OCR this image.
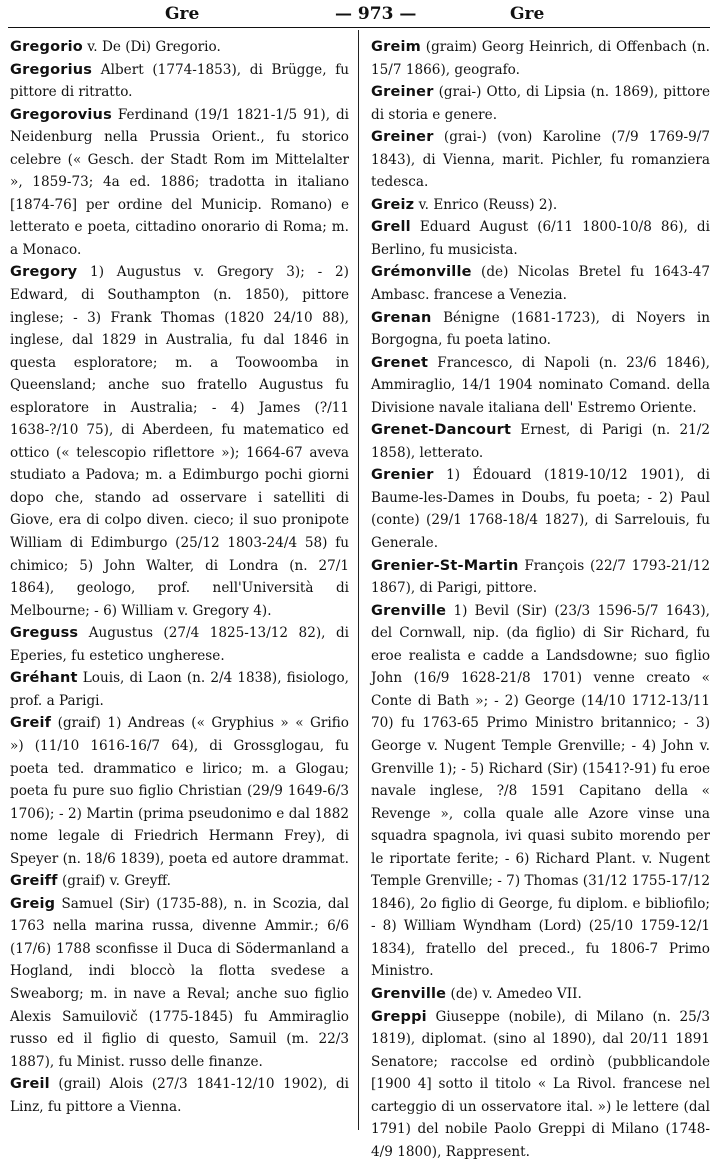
Gre	— 973 —	Gre

Gregorio v. De (Di) Gregorio.

Gregorius Albert (1774-1853), di Brügge, fu pittore di ritratto.

Gregorovius Ferdinand (19/1 1821-1/5 91), di Neidenburg nella Prussia Orient., fu storico celebre (« Gesch. der Stadt Rom im Mittelalter », 1859-73; 4a ed. 1886; tradotta in italiano [1874-76] per ordine del Municip. Romano) e letterato e poeta, cittadino onorario di Roma; m. a Monaco.

Gregory 1) Augustus v. Gregory 3); - 2) Edward, di Southampton (n. 1850), pittore inglese; - 3) Frank Thomas (1820 24/10 88), inglese, dal 1829 in Australia, fu dal 1846 in questa esploratore; m. a Toowoomba in Queensland; anche suo fratello Augustus fu esploratore in Australia; - 4) James (?/11 1638-?/10 75), di Aberdeen, fu matematico ed ottico (« telescopio riflettore »); 1664-67 aveva studiato a Padova; m. a Edimburgo pochi giorni dopo che, stando ad osservare i satelliti di Giove, era di colpo diven. cieco; il suo pronipote William di Edimburgo (25/12 1803-24/4 58) fu chimico; 5) John Walter, di Londra (n. 27/1 1864), geologo, prof. nell'Università di Melbourne; - 6) William v. Gregory 4).

Greguss Augustus (27/4 1825-13/12 82), di Eperies, fu estetico ungherese.

Gréhant Louis, di Laon (n. 2/4 1838), fisiologo, prof. a Parigi.

Greif (graif) 1) Andreas (« Gryphius » « Grifio ») (11/10 1616-16/7 64), di Grossglogau, fu poeta ted. drammatico e lirico; m. a Glogau; poeta fu pure suo figlio Christian (29/9 1649-6/3 1706); - 2) Martin (prima pseudonimo e dal 1882 nome legale di Friedrich Hermann Frey), di Speyer (n. 18/6 1839), poeta ed autore drammat.

Greiff (graif) v. Greyff.

Greig Samuel (Sir) (1735-88), n. in Scozia, dal 1763 nella marina russa, divenne Ammir.; 6/6 (17/6) 1788 sconfisse il Duca di Södermanland a Hogland, indi bloccò la flotta svedese a Sweaborg; m. in nave a Reval; anche suo figlio Alexis Samuilovič (1775-1845) fu Ammiraglio russo ed il figlio di questo, Samuil (m. 22/3 1887), fu Minist. russo delle finanze.

Greil (grail) Alois (27/3 1841-12/10 1902), di Linz, fu pittore a Vienna.

Greim (graim) Georg Heinrich, di Offenbach (n. 15/7 1866), geografo.

Greiner (grai-) Otto, di Lipsia (n. 1869), pittore di storia e genere.

Greiner (grai-) (von) Karoline (7/9 1769-9/7 1843), di Vienna, marit. Pichler, fu romanziera tedesca.

Greiz v. Enrico (Reuss) 2).

Grell Eduard August (6/11 1800-10/8 86), di Berlino, fu musicista.

Grémonville (de) Nicolas Bretel fu 1643-47 Ambasc. francese a Venezia.

Grenan Bénigne (1681-1723), di Noyers in Borgogna, fu poeta latino.

Grenet Francesco, di Napoli (n. 23/6 1846), Ammiraglio, 14/1 1904 nominato Comand. della Divisione navale italiana dell' Estremo Oriente.

Grenet-Dancourt Ernest, di Parigi (n. 21/2 1858), letterato.

Grenier 1) Édouard (1819-10/12 1901), di Baume-les-Dames in Doubs, fu poeta; - 2) Paul (conte) (29/1 1768-18/4 1827), di Sarrelouis, fu Generale.

Grenier-St-Martin François (22/7 1793-21/12 1867), di Parigi, pittore.

Grenville 1) Bevil (Sir) (23/3 1596-5/7 1643), del Cornwall, nip. (da figlio) di Sir Richard, fu eroe realista e cadde a Landsdowne; suo figlio John (16/9 1628-21/8 1701) venne creato « Conte di Bath »; - 2) George (14/10 1712-13/11 70) fu 1763-65 Primo Ministro britannico; - 3) George v. Nugent Temple Grenville; - 4) John v. Grenville 1); - 5) Richard (Sir) (1541?-91) fu eroe navale inglese, ?/8 1591 Capitano della « Revenge », colla quale alle Azore vinse una squadra spagnola, ivi quasi subito morendo per le riportate ferite; - 6) Richard Plant. v. Nugent Temple Grenville; - 7) Thomas (31/12 1755-17/12 1846), 2o figlio di George, fu diplom. e bibliofilo; - 8) William Wyndham (Lord) (25/10 1759-12/1 1834), fratello del preced., fu 1806-7 Primo Ministro.

Grenville (de) v. Amedeo VII.

Greppi Giuseppe (nobile), di Milano (n. 25/3 1819), diplomat. (sino al 1890), dal 20/11 1891 Senatore; raccolse ed ordinò (pubblicandole [1900 4] sotto il titolo « La Rivol. francese nel carteggio di un osservatore ital. ») le lettere (dal 1791) del nobile Paolo Greppi di Milano (1748-4/9 1800), Rappresent.
